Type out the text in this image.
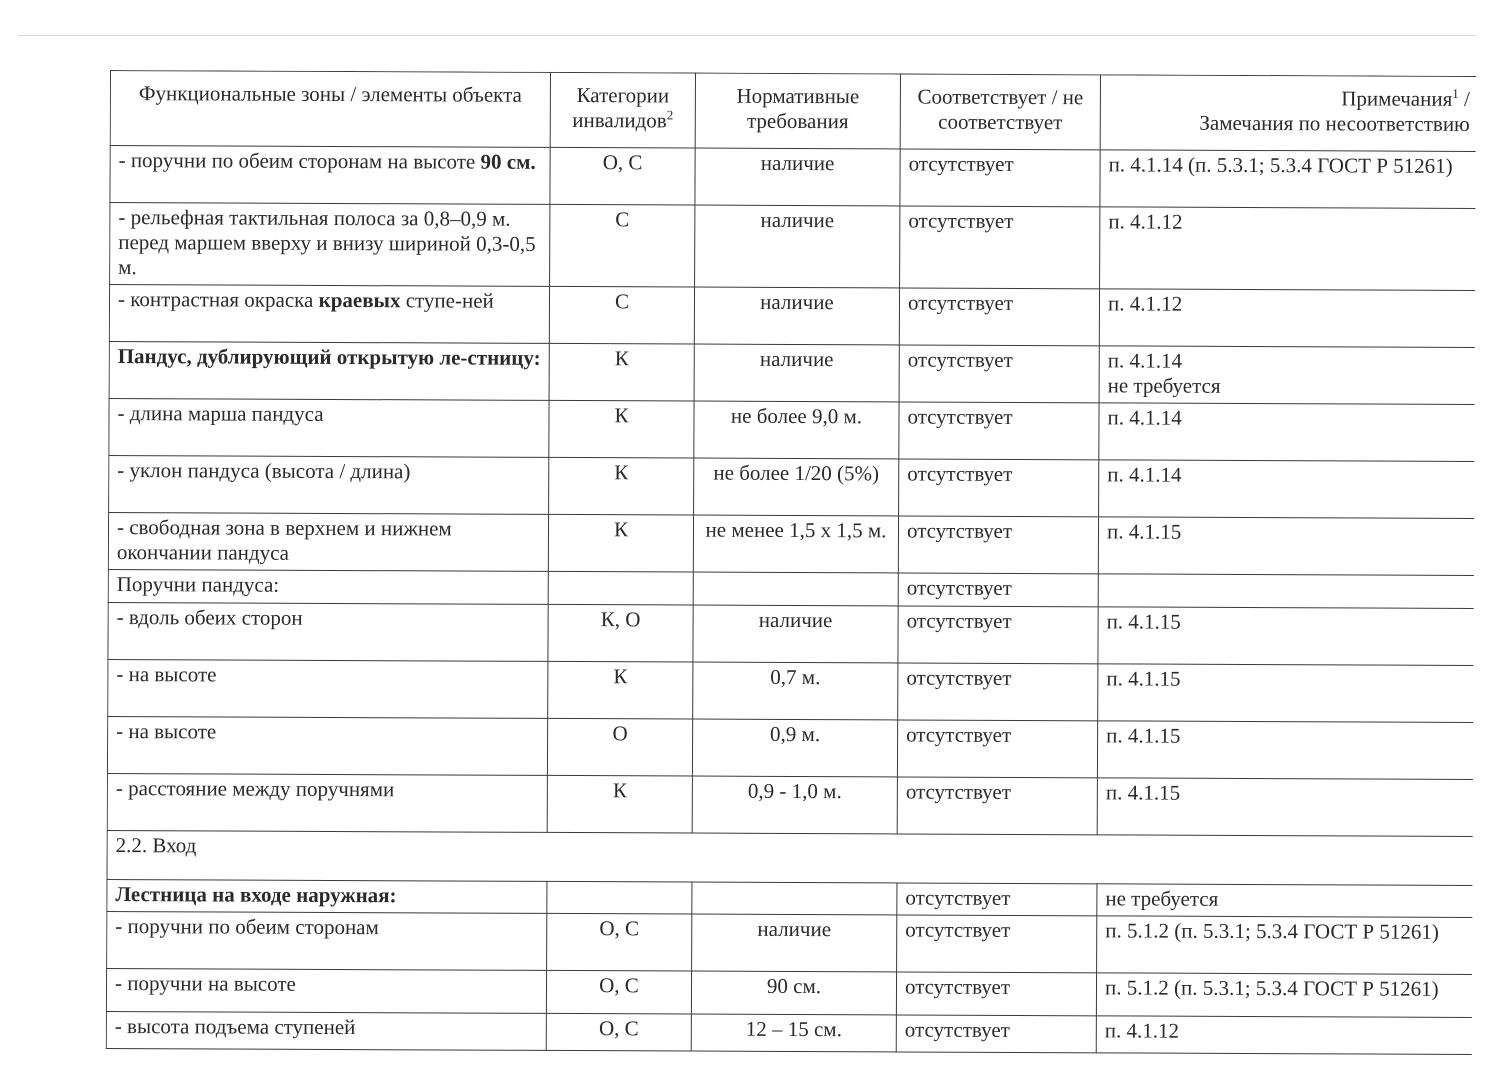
Функциональные зоны / элементы объекта	Категории инвалидов$^2$	Нормативные требования	Соответствует / не соответствует	Примечания$^1$ /
Замечания по несоответствию
- поручни по обеим сторонам на высоте 90 см.	О, С	наличие	отсутствует	п. 4.1.14 (п. 5.3.1; 5.3.4 ГОСТ Р 51261)
- рельефная тактильная полоса за 0,8–0,9 м. перед маршем вверху и внизу шириной 0,3-0,5 м.	С	наличие	отсутствует	п. 4.1.12
- контрастная окраска краевых ступе-ней	С	наличие	отсутствует	п. 4.1.12
Пандус, дублирующий открытую ле-стницу:	К	наличие	отсутствует	п. 4.1.14
не требуется
- длина марша пандуса	К	не более 9,0 м.	отсутствует	п. 4.1.14
- уклон пандуса (высота / длина)	К	не более 1/20 (5%)	отсутствует	п. 4.1.14
- свободная зона в верхнем и нижнем окончании пандуса	К	не менее 1,5 х 1,5 м.	отсутствует	п. 4.1.15
Поручни пандуса:			отсутствует	
- вдоль обеих сторон	К, О	наличие	отсутствует	п. 4.1.15
- на высоте	К	0,7 м.	отсутствует	п. 4.1.15
- на высоте	О	0,9 м.	отсутствует	п. 4.1.15
- расстояние между поручнями	К	0,9 - 1,0 м.	отсутствует	п. 4.1.15
2.2. Вход				
Лестница на входе наружная:			отсутствует	не требуется
- поручни по обеим сторонам	О, С	наличие	отсутствует	п. 5.1.2 (п. 5.3.1; 5.3.4 ГОСТ Р 51261)
- поручни на высоте	О, С	90 см.	отсутствует	п. 5.1.2 (п. 5.3.1; 5.3.4 ГОСТ Р 51261)
- высота подъема ступеней	О, С	12 – 15 см.	отсутствует	п. 4.1.12
